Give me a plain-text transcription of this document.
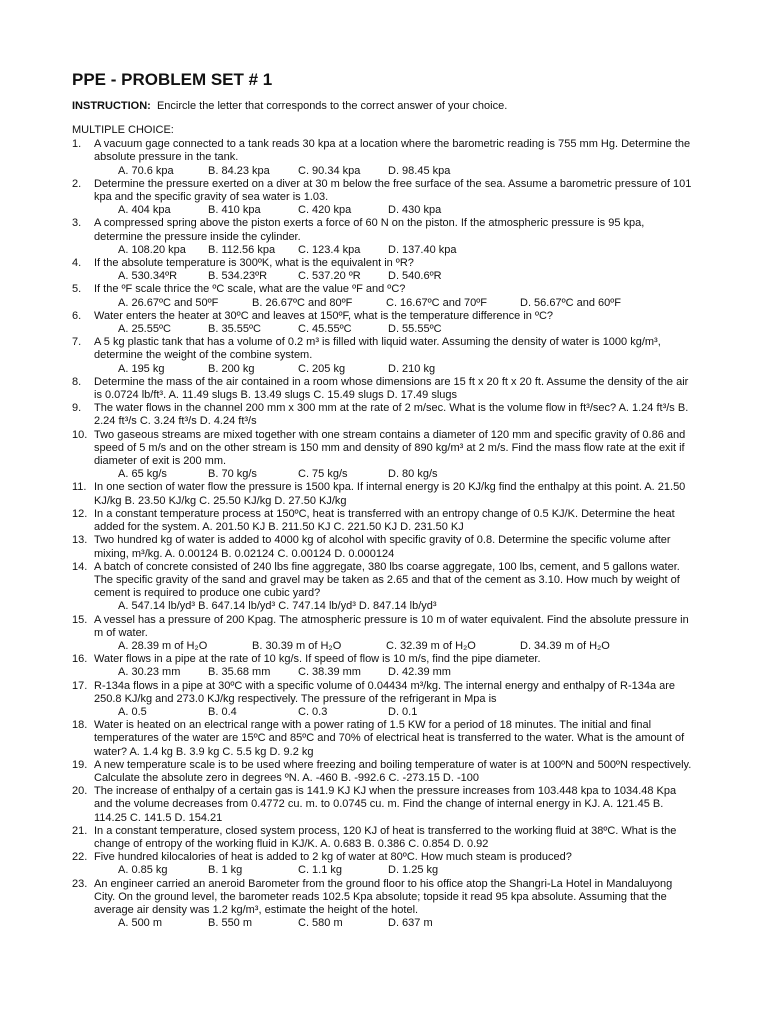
PPE - PROBLEM SET # 1
INSTRUCTION: Encircle the letter that corresponds to the correct answer of your choice.
MULTIPLE CHOICE:
1. A vacuum gage connected to a tank reads 30 kpa at a location where the barometric reading is 755 mm Hg. Determine the absolute pressure in the tank.
A. 70.6 kpa	B. 84.23 kpa	C. 90.34 kpa	D. 98.45 kpa
2. Determine the pressure exerted on a diver at 30 m below the free surface of the sea. Assume a barometric pressure of 101 kpa and the specific gravity of sea water is 1.03.
A. 404 kpa	B. 410 kpa	C. 420 kpa	D. 430 kpa
3. A compressed spring above the piston exerts a force of 60 N on the piston. If the atmospheric pressure is 95 kpa, determine the pressure inside the cylinder.
A. 108.20 kpa	B. 112.56 kpa	C. 123.4 kpa	D. 137.40 kpa
4. If the absolute temperature is 300ºK, what is the equivalent in ºR?
A. 530.34ºR	B. 534.23ºR	C. 537.20 ºR	D. 540.6ºR
5. If the ºF scale thrice the ºC scale, what are the value ºF and ºC?
A. 26.67ºC and 50ºF	B. 26.67ºC and 80ºF	C. 16.67ºC and 70ºF	D. 56.67ºC and 60ºF
6. Water enters the heater at 30ºC and leaves at 150ºF, what is the temperature difference in ºC?
A. 25.55ºC	B. 35.55ºC	C. 45.55ºC	D. 55.55ºC
7. A 5 kg plastic tank that has a volume of 0.2 m³ is filled with liquid water. Assuming the density of water is 1000 kg/m³, determine the weight of the combine system.
A. 195 kg	B. 200 kg	C. 205 kg	D. 210 kg
8. Determine the mass of the air contained in a room whose dimensions are 15 ft x 20 ft x 20 ft. Assume the density of the air is 0.0724 lb/ft³. A. 11.49 slugs B. 13.49 slugs C. 15.49 slugs D. 17.49 slugs
9. The water flows in the channel 200 mm x 300 mm at the rate of 2 m/sec. What is the volume flow in ft³/sec? A. 1.24 ft³/s B. 2.24 ft³/s C. 3.24 ft³/s D. 4.24 ft³/s
10. Two gaseous streams are mixed together with one stream contains a diameter of 120 mm and specific gravity of 0.86 and speed of 5 m/s and on the other stream is 150 mm and density of 890 kg/m³ at 2 m/s. Find the mass flow rate at the exit if diameter of exit is 200 mm.
A. 65 kg/s	B. 70 kg/s	C. 75 kg/s	D. 80 kg/s
11. In one section of water flow the pressure is 1500 kpa. If internal energy is 20 KJ/kg find the enthalpy at this point. A. 21.50 KJ/kg B. 23.50 KJ/kg C. 25.50 KJ/kg D. 27.50 KJ/kg
12. In a constant temperature process at 150ºC, heat is transferred with an entropy change of 0.5 KJ/K. Determine the heat added for the system. A. 201.50 KJ B. 211.50 KJ C. 221.50 KJ D. 231.50 KJ
13. Two hundred kg of water is added to 4000 kg of alcohol with specific gravity of 0.8. Determine the specific volume after mixing, m³/kg. A. 0.00124 B. 0.02124 C. 0.00124 D. 0.000124
14. A batch of concrete consisted of 240 lbs fine aggregate, 380 lbs coarse aggregate, 100 lbs, cement, and 5 gallons water. The specific gravity of the sand and gravel may be taken as 2.65 and that of the cement as 3.10. How much by weight of cement is required to produce one cubic yard?
A. 547.14 lb/yd³ B. 647.14 lb/yd³ C. 747.14 lb/yd³ D. 847.14 lb/yd³
15. A vessel has a pressure of 200 Kpag. The atmospheric pressure is 10 m of water equivalent. Find the absolute pressure in m of water.
A. 28.39 m of H₂O	B. 30.39 m of H₂O	C. 32.39 m of H₂O	D. 34.39 m of H₂O
16. Water flows in a pipe at the rate of 10 kg/s. If speed of flow is 10 m/s, find the pipe diameter.
A. 30.23 mm	B. 35.68 mm	C. 38.39 mm	D. 42.39 mm
17. R-134a flows in a pipe at 30ºC with a specific volume of 0.04434 m³/kg. The internal energy and enthalpy of R-134a are 250.8 KJ/kg and 273.0 KJ/kg respectively. The pressure of the refrigerant in Mpa is
A. 0.5	B. 0.4	C. 0.3	D. 0.1
18. Water is heated on an electrical range with a power rating of 1.5 KW for a period of 18 minutes. The initial and final temperatures of the water are 15ºC and 85ºC and 70% of electrical heat is transferred to the water. What is the amount of water? A. 1.4 kg B. 3.9 kg C. 5.5 kg D. 9.2 kg
19. A new temperature scale is to be used where freezing and boiling temperature of water is at 100ºN and 500ºN respectively. Calculate the absolute zero in degrees ºN. A. -460 B. -992.6 C. -273.15 D. -100
20. The increase of enthalpy of a certain gas is 141.9 KJ KJ when the pressure increases from 103.448 kpa to 1034.48 Kpa and the volume decreases from 0.4772 cu. m. to 0.0745 cu. m. Find the change of internal energy in KJ. A. 121.45 B. 114.25 C. 141.5 D. 154.21
21. In a constant temperature, closed system process, 120 KJ of heat is transferred to the working fluid at 38ºC. What is the change of entropy of the working fluid in KJ/K. A. 0.683 B. 0.386 C. 0.854 D. 0.92
22. Five hundred kilocalories of heat is added to 2 kg of water at 80ºC. How much steam is produced?
A. 0.85 kg	B. 1 kg	C. 1.1 kg	D. 1.25 kg
23. An engineer carried an aneroid Barometer from the ground floor to his office atop the Shangri-La Hotel in Mandaluyong City. On the ground level, the barometer reads 102.5 Kpa absolute; topside it read 95 kpa absolute. Assuming that the average air density was 1.2 kg/m³, estimate the height of the hotel.
A. 500 m	B. 550 m	C. 580 m	D. 637 m
